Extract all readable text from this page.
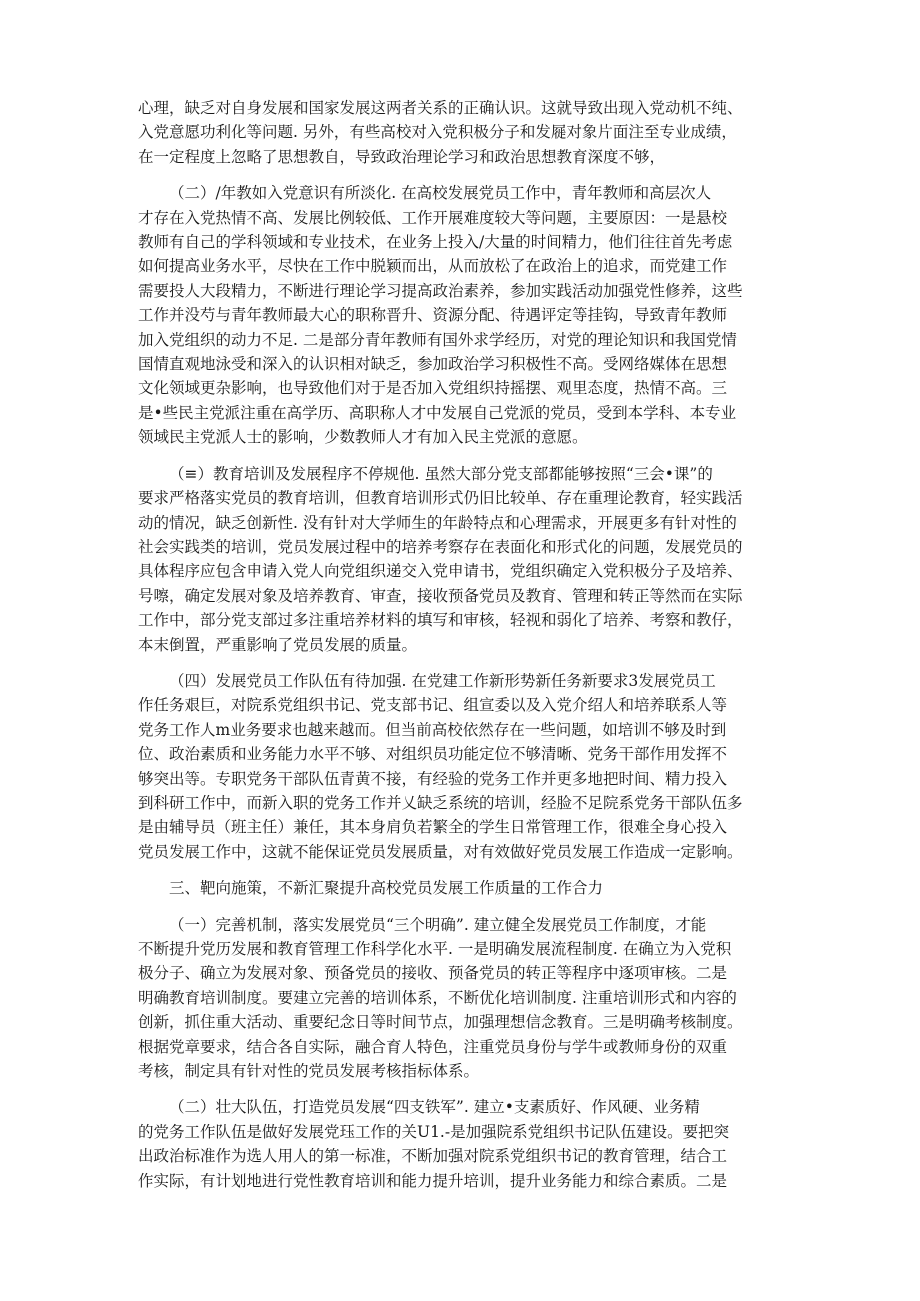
心理，缺乏对自身发展和国家发展这两者关系的正确认识。这就导致出现入党动机不纯、
入党意愿功利化等问题. 另外，有些高校对入党积极分子和发屣对象片面注至专业成绩，
在一定程度上忽略了思想教自，导致政治理论学习和政治思想教育深度不够，
（二）/年教如入党意识有所淡化. 在高校发展党员工作中，青年教师和高层次人
才存在入党热情不高、发展比例较低、工作开展难度较大等问题，主要原因：一是悬校
教师有自己的学科领域和专业技术，在业务上投入/大量的时间精力，他们往往首先考虑
如何提高业务水平，尽快在工作中脱颖而出，从而放松了在政治上的追求，而党建工作
需要投人大段精力，不断进行理论学习提高政治素养，参加实践活动加强党性修养，这些
工作并没芍与青年教师最大心的职称晋升、资源分配、待遇评定等挂钩，导致青年教师
加入党组织的动力不足. 二是部分青年教师有国外求学经历，对党的理论知识和我国党情
国情直观地泳受和深入的认识相对缺乏，参加政治学习积极性不高。受网络媒体在思想
文化领域更杂影响，也导致他们对于是否加入党组织持摇摆、观里态度，热情不高。三
是•些民主党派注重在高学历、高职称人才中发展自己党派的党员，受到本学科、本专业
领域民主党派人士的影响，少数教师人才有加入民主党派的意愿。
（≡）教育培训及发展程序不停规他. 虽然大部分党支部都能够按照“三会•课”的
要求严格落实党员的教育培训，但教育培训形式仍旧比较单、存在重理论教育，轻实践活
动的情况，缺乏创新性. 没有针对大学师生的年龄特点和心理需求，开展更多有针对性的
社会实践类的培训，党员发展过程中的培养考察存在表面化和形式化的问题，发展党员的
具体程序应包含申请入党人向党组织递交入党申请书，党组织确定入党积极分子及培养、
号嚓，确定发展对象及培养教育、审查，接收预备党员及教育、管理和转正等然而在实际
工作中，部分党支部过多注重培养材料的填写和审核，轻视和弱化了培养、考察和教仔，
本末倒置，严重影响了党员发展的质量。
（四）发展党员工作队伍有待加强. 在党建工作新形势新任务新要求3发展党员工
作任务艰巨，对院系党组织书记、党支部书记、组宣委以及入党介绍人和培养联系人等
党务工作人m业务要求也越来越而。但当前高校依然存在一些问题，如培训不够及时到
位、政治素质和业务能力水平不够、对组织员功能定位不够清晰、党务干部作用发挥不
够突出等。专职党务干部队伍青黄不接，有经验的党务工作并更多地把时间、精力投入
到科研工作中，而新入职的党务工作并乂缺乏系统的培训，经脸不足院系党务干部队伍多
是由辅导员（班主任）兼任，其本身肩负若繁全的学生日常管理工作，很难全身心投入
党员发展工作中，这就不能保证党员发展质量，对有效做好党员发展工作造成一定影响。
三、靶向施策，不新汇聚提升高校党员发展工作质量的工作合力
（一）完善机制，落实发展党员“三个明确”. 建立健全发展党员工作制度，才能
不断提升党历发展和教育管理工作科学化水平. 一是明确发展流程制度. 在确立为入党积
极分子、确立为发展对象、预备党员的接收、预备党员的转正等程序中逐项审核。二是
明确教育培训制度。要建立完善的培训体系，不断优化培训制度. 注重培训形式和内容的
创新，抓住重大活动、重要纪念日等时间节点，加强理想信念教育。三是明确考核制度。
根据党章要求，结合各自实际，融合育人特色，注重党员身份与学牛或教师身份的双重
考核，制定具有针对性的党员发展考核指标体系。
（二）壮大队伍，打造党员发展“四支铁军”. 建立•支素质好、作风硬、业务精
的党务工作队伍是做好发展党珏工作的关U1.-是加强院系党组织书记队伍建设。要把突
出政治标准作为选人用人的第一标准，不断加强对院系党组织书记的教育管理，结合工
作实际，有计划地进行党性教育培训和能力提升培训，提升业务能力和综合素质。二是
